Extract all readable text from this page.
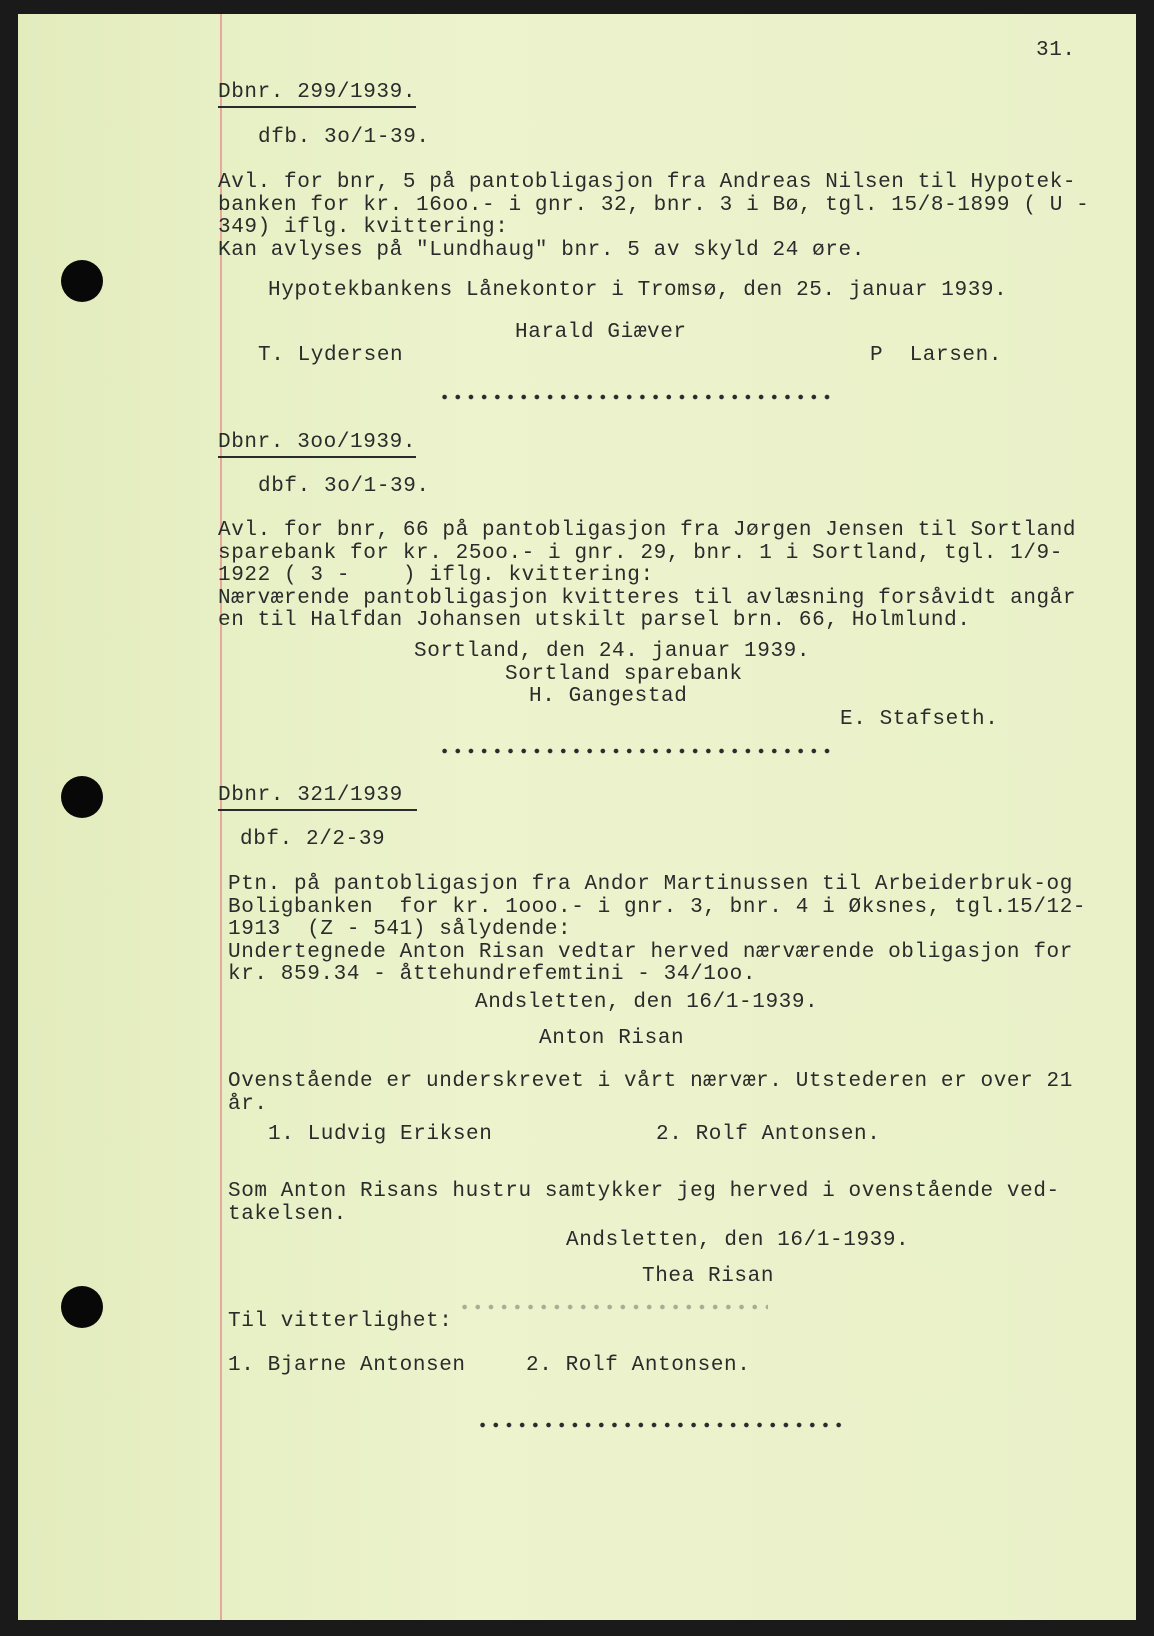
31.
Dbnr. 299/1939.
dfb. 3o/1-39.
Avl. for bnr, 5 på pantobligasjon fra Andreas Nilsen til Hypotek-
banken for kr. 16oo.- i gnr. 32, bnr. 3 i Bø, tgl. 15/8-1899 ( U -
349) iflg. kvittering:
Kan avlyses på "Lundhaug" bnr. 5 av skyld 24 øre.
Hypotekbankens Lånekontor i Tromsø, den 25. januar 1939.
Harald Giæver
T. Lydersen	P  Larsen.
Dbnr. 3oo/1939.
dbf. 3o/1-39.
Avl. for bnr, 66 på pantobligasjon fra Jørgen Jensen til Sortland
sparebank for kr. 25oo.- i gnr. 29, bnr. 1 i Sortland, tgl. 1/9-
1922 ( 3 -    ) iflg. kvittering:
Nærværende pantobligasjon kvitteres til avlæsning forsåvidt angår
en til Halfdan Johansen utskilt parsel brn. 66, Holmlund.
Sortland, den 24. januar 1939.
Sortland sparebank
H. Gangestad
E. Stafseth.
Dbnr. 321/1939
dbf. 2/2-39
Ptn. på pantobligasjon fra Andor Martinussen til Arbeiderbruk-og
Boligbanken  for kr. 1ooo.- i gnr. 3, bnr. 4 i Øksnes, tgl.15/12-
1913  (Z - 541) sålydende:
Undertegnede Anton Risan vedtar herved nærværende obligasjon for
kr. 859.34 - åttehundrefemtini - 34/1oo.
Andsletten, den 16/1-1939.
Anton Risan
Ovenstående er underskrevet i vårt nærvær. Utstederen er over 21
år.
1. Ludvig Eriksen	2. Rolf Antonsen.
Som Anton Risans hustru samtykker jeg herved i ovenstående ved-
takelsen.
Andsletten, den 16/1-1939.
Thea Risan
Til vitterlighet:
1. Bjarne Antonsen	2. Rolf Antonsen.
